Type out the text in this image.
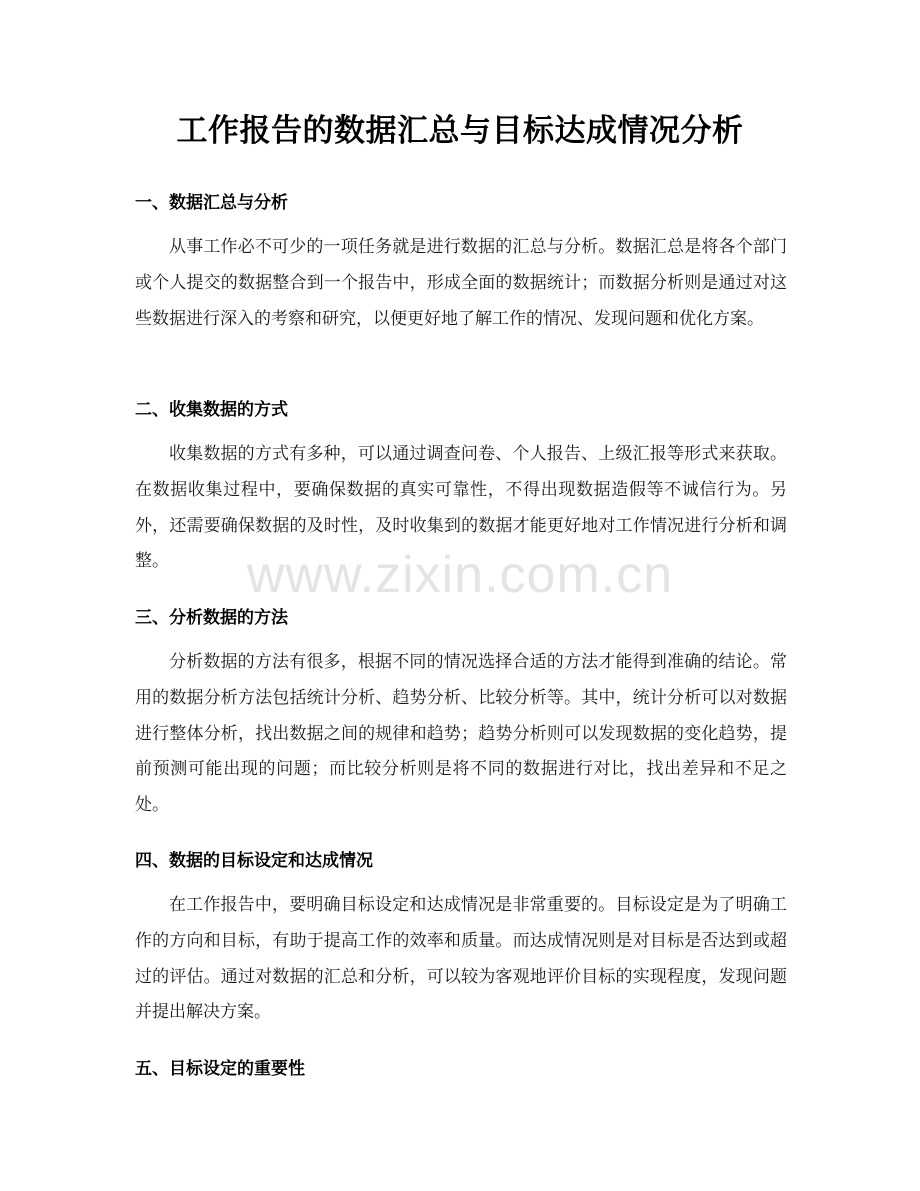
工作报告的数据汇总与目标达成情况分析
一、数据汇总与分析

从事工作必不可少的一项任务就是进行数据的汇总与分析。数据汇总是将各个部门或个人提交的数据整合到一个报告中，形成全面的数据统计；而数据分析则是通过对这些数据进行深入的考察和研究，以便更好地了解工作的情况、发现问题和优化方案。

二、收集数据的方式

收集数据的方式有多种，可以通过调查问卷、个人报告、上级汇报等形式来获取。在数据收集过程中，要确保数据的真实可靠性，不得出现数据造假等不诚信行为。另外，还需要确保数据的及时性，及时收集到的数据才能更好地对工作情况进行分析和调整。

三、分析数据的方法

分析数据的方法有很多，根据不同的情况选择合适的方法才能得到准确的结论。常用的数据分析方法包括统计分析、趋势分析、比较分析等。其中，统计分析可以对数据进行整体分析，找出数据之间的规律和趋势；趋势分析则可以发现数据的变化趋势，提前预测可能出现的问题；而比较分析则是将不同的数据进行对比，找出差异和不足之处。

四、数据的目标设定和达成情况

在工作报告中，要明确目标设定和达成情况是非常重要的。目标设定是为了明确工作的方向和目标，有助于提高工作的效率和质量。而达成情况则是对目标是否达到或超过的评估。通过对数据的汇总和分析，可以较为客观地评价目标的实现程度，发现问题并提出解决方案。

五、目标设定的重要性
www.zixin.com.cn
